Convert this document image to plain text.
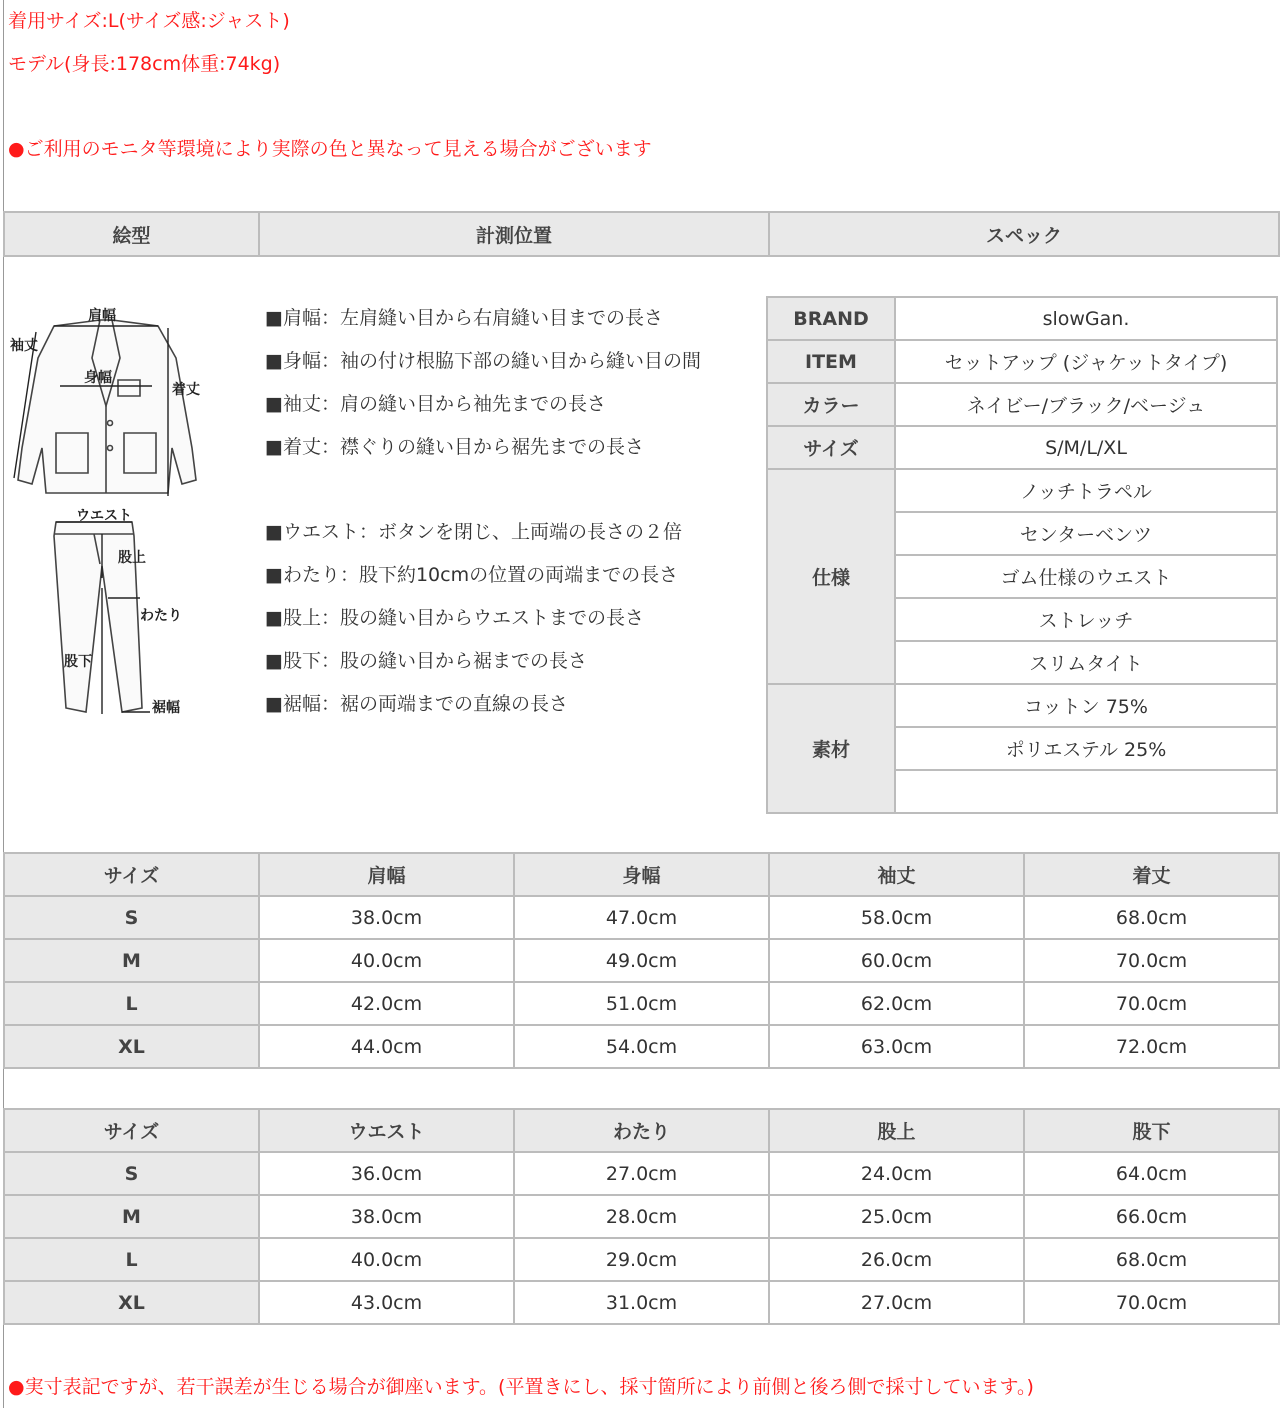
着用サイズ:L(サイズ感:ジャスト)
モデル(身長:178cm体重:74kg)
●ご利用のモニタ等環境により実際の色と異なって見える場合がございます
絵型	計測位置	スペック
肩幅
身幅
着丈
袖丈
ウエスト
股上
わたり
股下
裾幅
■肩幅：左肩縫い目から右肩縫い目までの長さ
■身幅：袖の付け根脇下部の縫い目から縫い目の間
■袖丈：肩の縫い目から袖先までの長さ
■着丈：襟ぐりの縫い目から裾先までの長さ
■ウエスト：ボタンを閉じ、上両端の長さの２倍
■わたり：股下約10cmの位置の両端までの長さ
■股上：股の縫い目からウエストまでの長さ
■股下：股の縫い目から裾までの長さ
■裾幅：裾の両端までの直線の長さ
BRAND	slowGan.
ITEM	セットアップ (ジャケットタイプ)
カラー	ネイビー/ブラック/ベージュ
サイズ	S/M/L/XL
仕様	ノッチトラペル
	センターベンツ
	ゴム仕様のウエスト
	ストレッチ
	スリムタイト
素材	コットン 75%
	ポリエステル 25%

サイズ	肩幅	身幅	袖丈	着丈
S	38.0cm	47.0cm	58.0cm	68.0cm
M	40.0cm	49.0cm	60.0cm	70.0cm
L	42.0cm	51.0cm	62.0cm	70.0cm
XL	44.0cm	54.0cm	63.0cm	72.0cm
サイズ	ウエスト	わたり	股上	股下
S	36.0cm	27.0cm	24.0cm	64.0cm
M	38.0cm	28.0cm	25.0cm	66.0cm
L	40.0cm	29.0cm	26.0cm	68.0cm
XL	43.0cm	31.0cm	27.0cm	70.0cm
●実寸表記ですが、若干誤差が生じる場合が御座います。(平置きにし、採寸箇所により前側と後ろ側で採寸しています。)
